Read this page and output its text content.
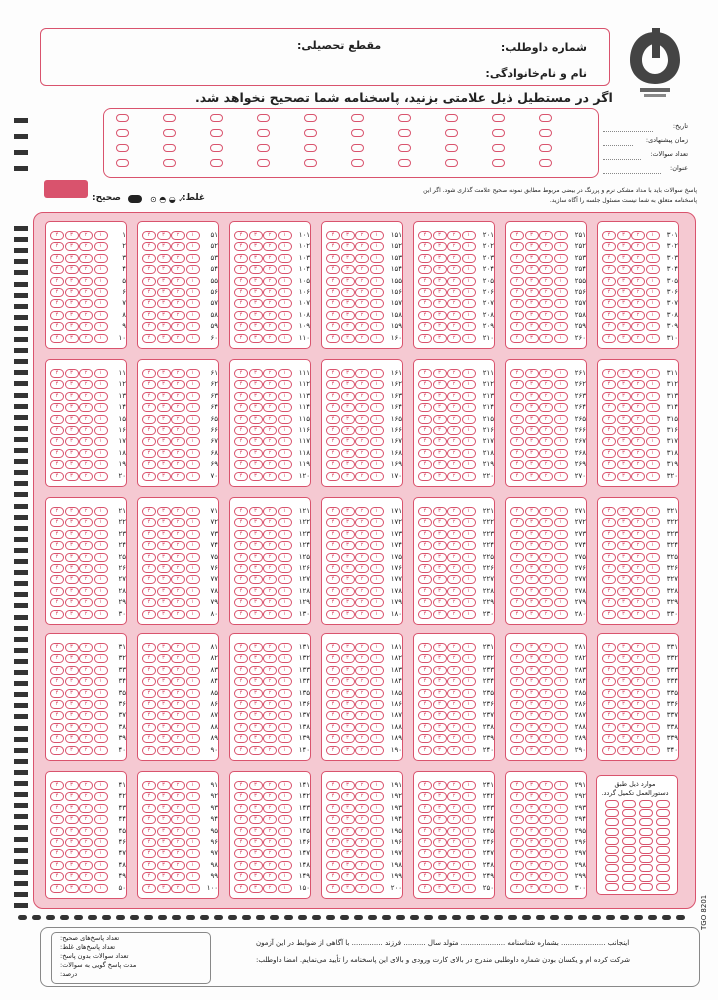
شماره داوطلب:
نام و نام‌خانوادگی:
مقطع تحصیلی:
اگر در مستطیل ذیل علامتی بزنید، پاسخنامه شما تصحیح نخواهد شد.
تاریخ:
زمان پیشنهادی:
تعداد سوالات:
عنوان:
پاسخ سوالات باید با مداد مشکی نرم و پررنگ در بیضی مربوط مطابق نمونه صحیح علامت گذاری شود. اگر این پاسخنامه متعلق به شما نیست مسئول جلسه را آگاه سازید.
صحیح:	غلط:
⊙ ◓ ◒ ✓
۱
۱
۲
۳
۴
۲
۱
۲
۳
۴
۳
۱
۲
۳
۴
۴
۱
۲
۳
۴
۵
۱
۲
۳
۴
۶
۱
۲
۳
۴
۷
۱
۲
۳
۴
۸
۱
۲
۳
۴
۹
۱
۲
۳
۴
۱۰
۱
۲
۳
۴
۱۱
۱
۲
۳
۴
۱۲
۱
۲
۳
۴
۱۳
۱
۲
۳
۴
۱۴
۱
۲
۳
۴
۱۵
۱
۲
۳
۴
۱۶
۱
۲
۳
۴
۱۷
۱
۲
۳
۴
۱۸
۱
۲
۳
۴
۱۹
۱
۲
۳
۴
۲۰
۱
۲
۳
۴
۲۱
۱
۲
۳
۴
۲۲
۱
۲
۳
۴
۲۳
۱
۲
۳
۴
۲۴
۱
۲
۳
۴
۲۵
۱
۲
۳
۴
۲۶
۱
۲
۳
۴
۲۷
۱
۲
۳
۴
۲۸
۱
۲
۳
۴
۲۹
۱
۲
۳
۴
۳۰
۱
۲
۳
۴
۳۱
۱
۲
۳
۴
۳۲
۱
۲
۳
۴
۳۳
۱
۲
۳
۴
۳۴
۱
۲
۳
۴
۳۵
۱
۲
۳
۴
۳۶
۱
۲
۳
۴
۳۷
۱
۲
۳
۴
۳۸
۱
۲
۳
۴
۳۹
۱
۲
۳
۴
۴۰
۱
۲
۳
۴
۴۱
۱
۲
۳
۴
۴۲
۱
۲
۳
۴
۴۳
۱
۲
۳
۴
۴۴
۱
۲
۳
۴
۴۵
۱
۲
۳
۴
۴۶
۱
۲
۳
۴
۴۷
۱
۲
۳
۴
۴۸
۱
۲
۳
۴
۴۹
۱
۲
۳
۴
۵۰
۱
۲
۳
۴
۵۱
۱
۲
۳
۴
۵۲
۱
۲
۳
۴
۵۳
۱
۲
۳
۴
۵۴
۱
۲
۳
۴
۵۵
۱
۲
۳
۴
۵۶
۱
۲
۳
۴
۵۷
۱
۲
۳
۴
۵۸
۱
۲
۳
۴
۵۹
۱
۲
۳
۴
۶۰
۱
۲
۳
۴
۶۱
۱
۲
۳
۴
۶۲
۱
۲
۳
۴
۶۳
۱
۲
۳
۴
۶۴
۱
۲
۳
۴
۶۵
۱
۲
۳
۴
۶۶
۱
۲
۳
۴
۶۷
۱
۲
۳
۴
۶۸
۱
۲
۳
۴
۶۹
۱
۲
۳
۴
۷۰
۱
۲
۳
۴
۷۱
۱
۲
۳
۴
۷۲
۱
۲
۳
۴
۷۳
۱
۲
۳
۴
۷۴
۱
۲
۳
۴
۷۵
۱
۲
۳
۴
۷۶
۱
۲
۳
۴
۷۷
۱
۲
۳
۴
۷۸
۱
۲
۳
۴
۷۹
۱
۲
۳
۴
۸۰
۱
۲
۳
۴
۸۱
۱
۲
۳
۴
۸۲
۱
۲
۳
۴
۸۳
۱
۲
۳
۴
۸۴
۱
۲
۳
۴
۸۵
۱
۲
۳
۴
۸۶
۱
۲
۳
۴
۸۷
۱
۲
۳
۴
۸۸
۱
۲
۳
۴
۸۹
۱
۲
۳
۴
۹۰
۱
۲
۳
۴
۹۱
۱
۲
۳
۴
۹۲
۱
۲
۳
۴
۹۳
۱
۲
۳
۴
۹۴
۱
۲
۳
۴
۹۵
۱
۲
۳
۴
۹۶
۱
۲
۳
۴
۹۷
۱
۲
۳
۴
۹۸
۱
۲
۳
۴
۹۹
۱
۲
۳
۴
۱۰۰
۱
۲
۳
۴
۱۰۱
۱
۲
۳
۴
۱۰۲
۱
۲
۳
۴
۱۰۳
۱
۲
۳
۴
۱۰۴
۱
۲
۳
۴
۱۰۵
۱
۲
۳
۴
۱۰۶
۱
۲
۳
۴
۱۰۷
۱
۲
۳
۴
۱۰۸
۱
۲
۳
۴
۱۰۹
۱
۲
۳
۴
۱۱۰
۱
۲
۳
۴
۱۱۱
۱
۲
۳
۴
۱۱۲
۱
۲
۳
۴
۱۱۳
۱
۲
۳
۴
۱۱۴
۱
۲
۳
۴
۱۱۵
۱
۲
۳
۴
۱۱۶
۱
۲
۳
۴
۱۱۷
۱
۲
۳
۴
۱۱۸
۱
۲
۳
۴
۱۱۹
۱
۲
۳
۴
۱۲۰
۱
۲
۳
۴
۱۲۱
۱
۲
۳
۴
۱۲۲
۱
۲
۳
۴
۱۲۳
۱
۲
۳
۴
۱۲۴
۱
۲
۳
۴
۱۲۵
۱
۲
۳
۴
۱۲۶
۱
۲
۳
۴
۱۲۷
۱
۲
۳
۴
۱۲۸
۱
۲
۳
۴
۱۲۹
۱
۲
۳
۴
۱۳۰
۱
۲
۳
۴
۱۳۱
۱
۲
۳
۴
۱۳۲
۱
۲
۳
۴
۱۳۳
۱
۲
۳
۴
۱۳۴
۱
۲
۳
۴
۱۳۵
۱
۲
۳
۴
۱۳۶
۱
۲
۳
۴
۱۳۷
۱
۲
۳
۴
۱۳۸
۱
۲
۳
۴
۱۳۹
۱
۲
۳
۴
۱۴۰
۱
۲
۳
۴
۱۴۱
۱
۲
۳
۴
۱۴۲
۱
۲
۳
۴
۱۴۳
۱
۲
۳
۴
۱۴۴
۱
۲
۳
۴
۱۴۵
۱
۲
۳
۴
۱۴۶
۱
۲
۳
۴
۱۴۷
۱
۲
۳
۴
۱۴۸
۱
۲
۳
۴
۱۴۹
۱
۲
۳
۴
۱۵۰
۱
۲
۳
۴
۱۵۱
۱
۲
۳
۴
۱۵۲
۱
۲
۳
۴
۱۵۳
۱
۲
۳
۴
۱۵۴
۱
۲
۳
۴
۱۵۵
۱
۲
۳
۴
۱۵۶
۱
۲
۳
۴
۱۵۷
۱
۲
۳
۴
۱۵۸
۱
۲
۳
۴
۱۵۹
۱
۲
۳
۴
۱۶۰
۱
۲
۳
۴
۱۶۱
۱
۲
۳
۴
۱۶۲
۱
۲
۳
۴
۱۶۳
۱
۲
۳
۴
۱۶۴
۱
۲
۳
۴
۱۶۵
۱
۲
۳
۴
۱۶۶
۱
۲
۳
۴
۱۶۷
۱
۲
۳
۴
۱۶۸
۱
۲
۳
۴
۱۶۹
۱
۲
۳
۴
۱۷۰
۱
۲
۳
۴
۱۷۱
۱
۲
۳
۴
۱۷۲
۱
۲
۳
۴
۱۷۳
۱
۲
۳
۴
۱۷۴
۱
۲
۳
۴
۱۷۵
۱
۲
۳
۴
۱۷۶
۱
۲
۳
۴
۱۷۷
۱
۲
۳
۴
۱۷۸
۱
۲
۳
۴
۱۷۹
۱
۲
۳
۴
۱۸۰
۱
۲
۳
۴
۱۸۱
۱
۲
۳
۴
۱۸۲
۱
۲
۳
۴
۱۸۳
۱
۲
۳
۴
۱۸۴
۱
۲
۳
۴
۱۸۵
۱
۲
۳
۴
۱۸۶
۱
۲
۳
۴
۱۸۷
۱
۲
۳
۴
۱۸۸
۱
۲
۳
۴
۱۸۹
۱
۲
۳
۴
۱۹۰
۱
۲
۳
۴
۱۹۱
۱
۲
۳
۴
۱۹۲
۱
۲
۳
۴
۱۹۳
۱
۲
۳
۴
۱۹۴
۱
۲
۳
۴
۱۹۵
۱
۲
۳
۴
۱۹۶
۱
۲
۳
۴
۱۹۷
۱
۲
۳
۴
۱۹۸
۱
۲
۳
۴
۱۹۹
۱
۲
۳
۴
۲۰۰
۱
۲
۳
۴
۲۰۱
۱
۲
۳
۴
۲۰۲
۱
۲
۳
۴
۲۰۳
۱
۲
۳
۴
۲۰۴
۱
۲
۳
۴
۲۰۵
۱
۲
۳
۴
۲۰۶
۱
۲
۳
۴
۲۰۷
۱
۲
۳
۴
۲۰۸
۱
۲
۳
۴
۲۰۹
۱
۲
۳
۴
۲۱۰
۱
۲
۳
۴
۲۱۱
۱
۲
۳
۴
۲۱۲
۱
۲
۳
۴
۲۱۳
۱
۲
۳
۴
۲۱۴
۱
۲
۳
۴
۲۱۵
۱
۲
۳
۴
۲۱۶
۱
۲
۳
۴
۲۱۷
۱
۲
۳
۴
۲۱۸
۱
۲
۳
۴
۲۱۹
۱
۲
۳
۴
۲۲۰
۱
۲
۳
۴
۲۲۱
۱
۲
۳
۴
۲۲۲
۱
۲
۳
۴
۲۲۳
۱
۲
۳
۴
۲۲۴
۱
۲
۳
۴
۲۲۵
۱
۲
۳
۴
۲۲۶
۱
۲
۳
۴
۲۲۷
۱
۲
۳
۴
۲۲۸
۱
۲
۳
۴
۲۲۹
۱
۲
۳
۴
۲۳۰
۱
۲
۳
۴
۲۳۱
۱
۲
۳
۴
۲۳۲
۱
۲
۳
۴
۲۳۳
۱
۲
۳
۴
۲۳۴
۱
۲
۳
۴
۲۳۵
۱
۲
۳
۴
۲۳۶
۱
۲
۳
۴
۲۳۷
۱
۲
۳
۴
۲۳۸
۱
۲
۳
۴
۲۳۹
۱
۲
۳
۴
۲۴۰
۱
۲
۳
۴
۲۴۱
۱
۲
۳
۴
۲۴۲
۱
۲
۳
۴
۲۴۳
۱
۲
۳
۴
۲۴۴
۱
۲
۳
۴
۲۴۵
۱
۲
۳
۴
۲۴۶
۱
۲
۳
۴
۲۴۷
۱
۲
۳
۴
۲۴۸
۱
۲
۳
۴
۲۴۹
۱
۲
۳
۴
۲۵۰
۱
۲
۳
۴
۲۵۱
۱
۲
۳
۴
۲۵۲
۱
۲
۳
۴
۲۵۳
۱
۲
۳
۴
۲۵۴
۱
۲
۳
۴
۲۵۵
۱
۲
۳
۴
۲۵۶
۱
۲
۳
۴
۲۵۷
۱
۲
۳
۴
۲۵۸
۱
۲
۳
۴
۲۵۹
۱
۲
۳
۴
۲۶۰
۱
۲
۳
۴
۲۶۱
۱
۲
۳
۴
۲۶۲
۱
۲
۳
۴
۲۶۳
۱
۲
۳
۴
۲۶۴
۱
۲
۳
۴
۲۶۵
۱
۲
۳
۴
۲۶۶
۱
۲
۳
۴
۲۶۷
۱
۲
۳
۴
۲۶۸
۱
۲
۳
۴
۲۶۹
۱
۲
۳
۴
۲۷۰
۱
۲
۳
۴
۲۷۱
۱
۲
۳
۴
۲۷۲
۱
۲
۳
۴
۲۷۳
۱
۲
۳
۴
۲۷۴
۱
۲
۳
۴
۲۷۵
۱
۲
۳
۴
۲۷۶
۱
۲
۳
۴
۲۷۷
۱
۲
۳
۴
۲۷۸
۱
۲
۳
۴
۲۷۹
۱
۲
۳
۴
۲۸۰
۱
۲
۳
۴
۲۸۱
۱
۲
۳
۴
۲۸۲
۱
۲
۳
۴
۲۸۳
۱
۲
۳
۴
۲۸۴
۱
۲
۳
۴
۲۸۵
۱
۲
۳
۴
۲۸۶
۱
۲
۳
۴
۲۸۷
۱
۲
۳
۴
۲۸۸
۱
۲
۳
۴
۲۸۹
۱
۲
۳
۴
۲۹۰
۱
۲
۳
۴
۲۹۱
۱
۲
۳
۴
۲۹۲
۱
۲
۳
۴
۲۹۳
۱
۲
۳
۴
۲۹۴
۱
۲
۳
۴
۲۹۵
۱
۲
۳
۴
۲۹۶
۱
۲
۳
۴
۲۹۷
۱
۲
۳
۴
۲۹۸
۱
۲
۳
۴
۲۹۹
۱
۲
۳
۴
۳۰۰
۱
۲
۳
۴
۳۰۱
۱
۲
۳
۴
۳۰۲
۱
۲
۳
۴
۳۰۳
۱
۲
۳
۴
۳۰۴
۱
۲
۳
۴
۳۰۵
۱
۲
۳
۴
۳۰۶
۱
۲
۳
۴
۳۰۷
۱
۲
۳
۴
۳۰۸
۱
۲
۳
۴
۳۰۹
۱
۲
۳
۴
۳۱۰
۱
۲
۳
۴
۳۱۱
۱
۲
۳
۴
۳۱۲
۱
۲
۳
۴
۳۱۳
۱
۲
۳
۴
۳۱۴
۱
۲
۳
۴
۳۱۵
۱
۲
۳
۴
۳۱۶
۱
۲
۳
۴
۳۱۷
۱
۲
۳
۴
۳۱۸
۱
۲
۳
۴
۳۱۹
۱
۲
۳
۴
۳۲۰
۱
۲
۳
۴
۳۲۱
۱
۲
۳
۴
۳۲۲
۱
۲
۳
۴
۳۲۳
۱
۲
۳
۴
۳۲۴
۱
۲
۳
۴
۳۲۵
۱
۲
۳
۴
۳۲۶
۱
۲
۳
۴
۳۲۷
۱
۲
۳
۴
۳۲۸
۱
۲
۳
۴
۳۲۹
۱
۲
۳
۴
۳۳۰
۱
۲
۳
۴
۳۳۱
۱
۲
۳
۴
۳۳۲
۱
۲
۳
۴
۳۳۳
۱
۲
۳
۴
۳۳۴
۱
۲
۳
۴
۳۳۵
۱
۲
۳
۴
۳۳۶
۱
۲
۳
۴
۳۳۷
۱
۲
۳
۴
۳۳۸
۱
۲
۳
۴
۳۳۹
۱
۲
۳
۴
۳۴۰
۱
۲
۳
۴
موارد ذیل طبق دستورالعمل تکمیل گردد.
تعداد پاسخ‌های صحیح:
تعداد پاسخ‌های غلط:
تعداد سوالات بدون پاسخ:
مدت پاسخ گویی به سوالات:
درصد:
اینجانب .................... بشماره شناسنامه .................... متولد سال .......... فرزند .............. با آگاهی از ضوابط در این آزمون
شرکت کرده ام و یکسان بودن شماره داوطلبی مندرج در بالای کارت ورودی و بالای این پاسخنامه را تأیید می‌نمایم. امضا داوطلب:
TGO 8201
